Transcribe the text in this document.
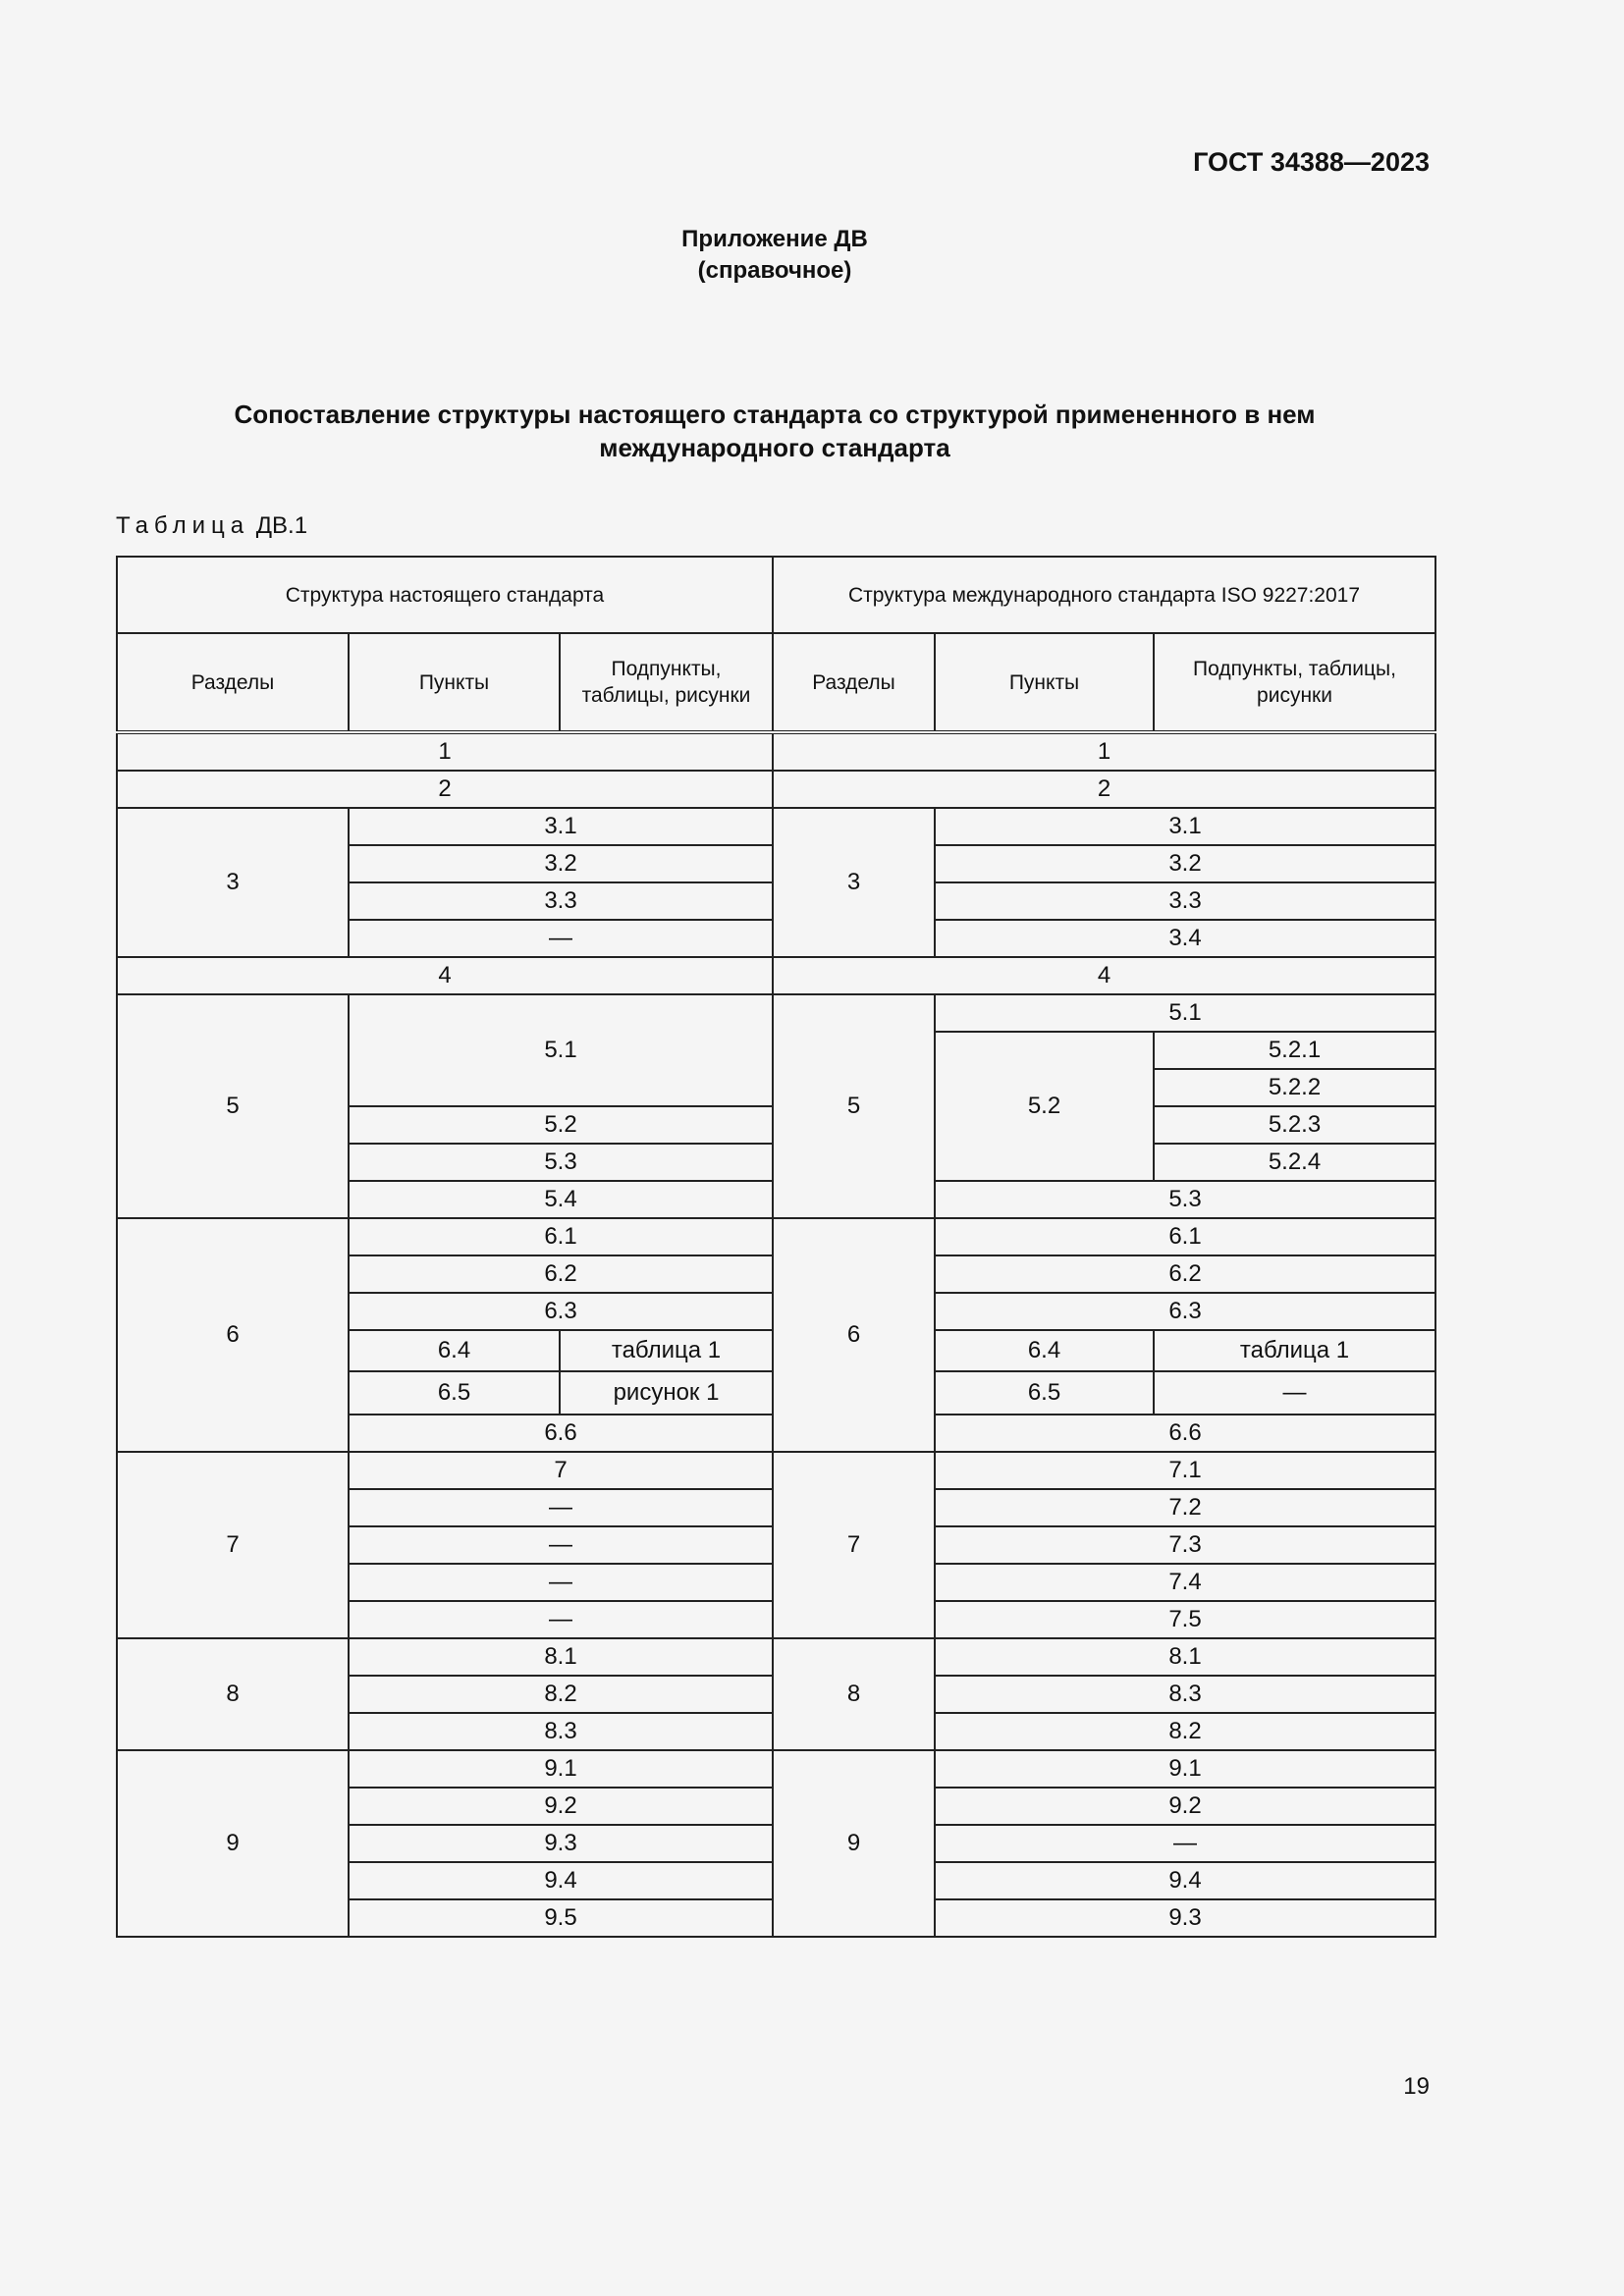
ГОСТ 34388—2023
Приложение ДВ
(справочное)
Сопоставление структуры настоящего стандарта со структурой примененного в нем
международного стандарта
Таблица ДВ.1
Структура настоящего стандарта			Структура международного стандарта ISO 9227:2017		
Разделы	Пункты	Подпункты, таблицы, рисунки	Разделы	Пункты	Подпункты, таблицы, рисунки
1			1		
2			2		
3	3.1		3	3.1	
	3.2			3.2	
	3.3			3.3	
	—			3.4	
4			4		
5	5.1		5	5.1	
				5.2	5.2.1
					5.2.2
	5.2				5.2.3
	5.3				5.2.4
	5.4			5.3	
6	6.1		6	6.1	
	6.2			6.2	
	6.3			6.3	
	6.4	таблица 1		6.4	таблица 1
	6.5	рисунок 1		6.5	—
	6.6			6.6	
7	7		7	7.1	
	—			7.2	
	—			7.3	
	—			7.4	
	—			7.5	
8	8.1		8	8.1	
	8.2			8.3	
	8.3			8.2	
9	9.1		9	9.1	
	9.2			9.2	
	9.3			—	
	9.4			9.4	
	9.5			9.3	
19
